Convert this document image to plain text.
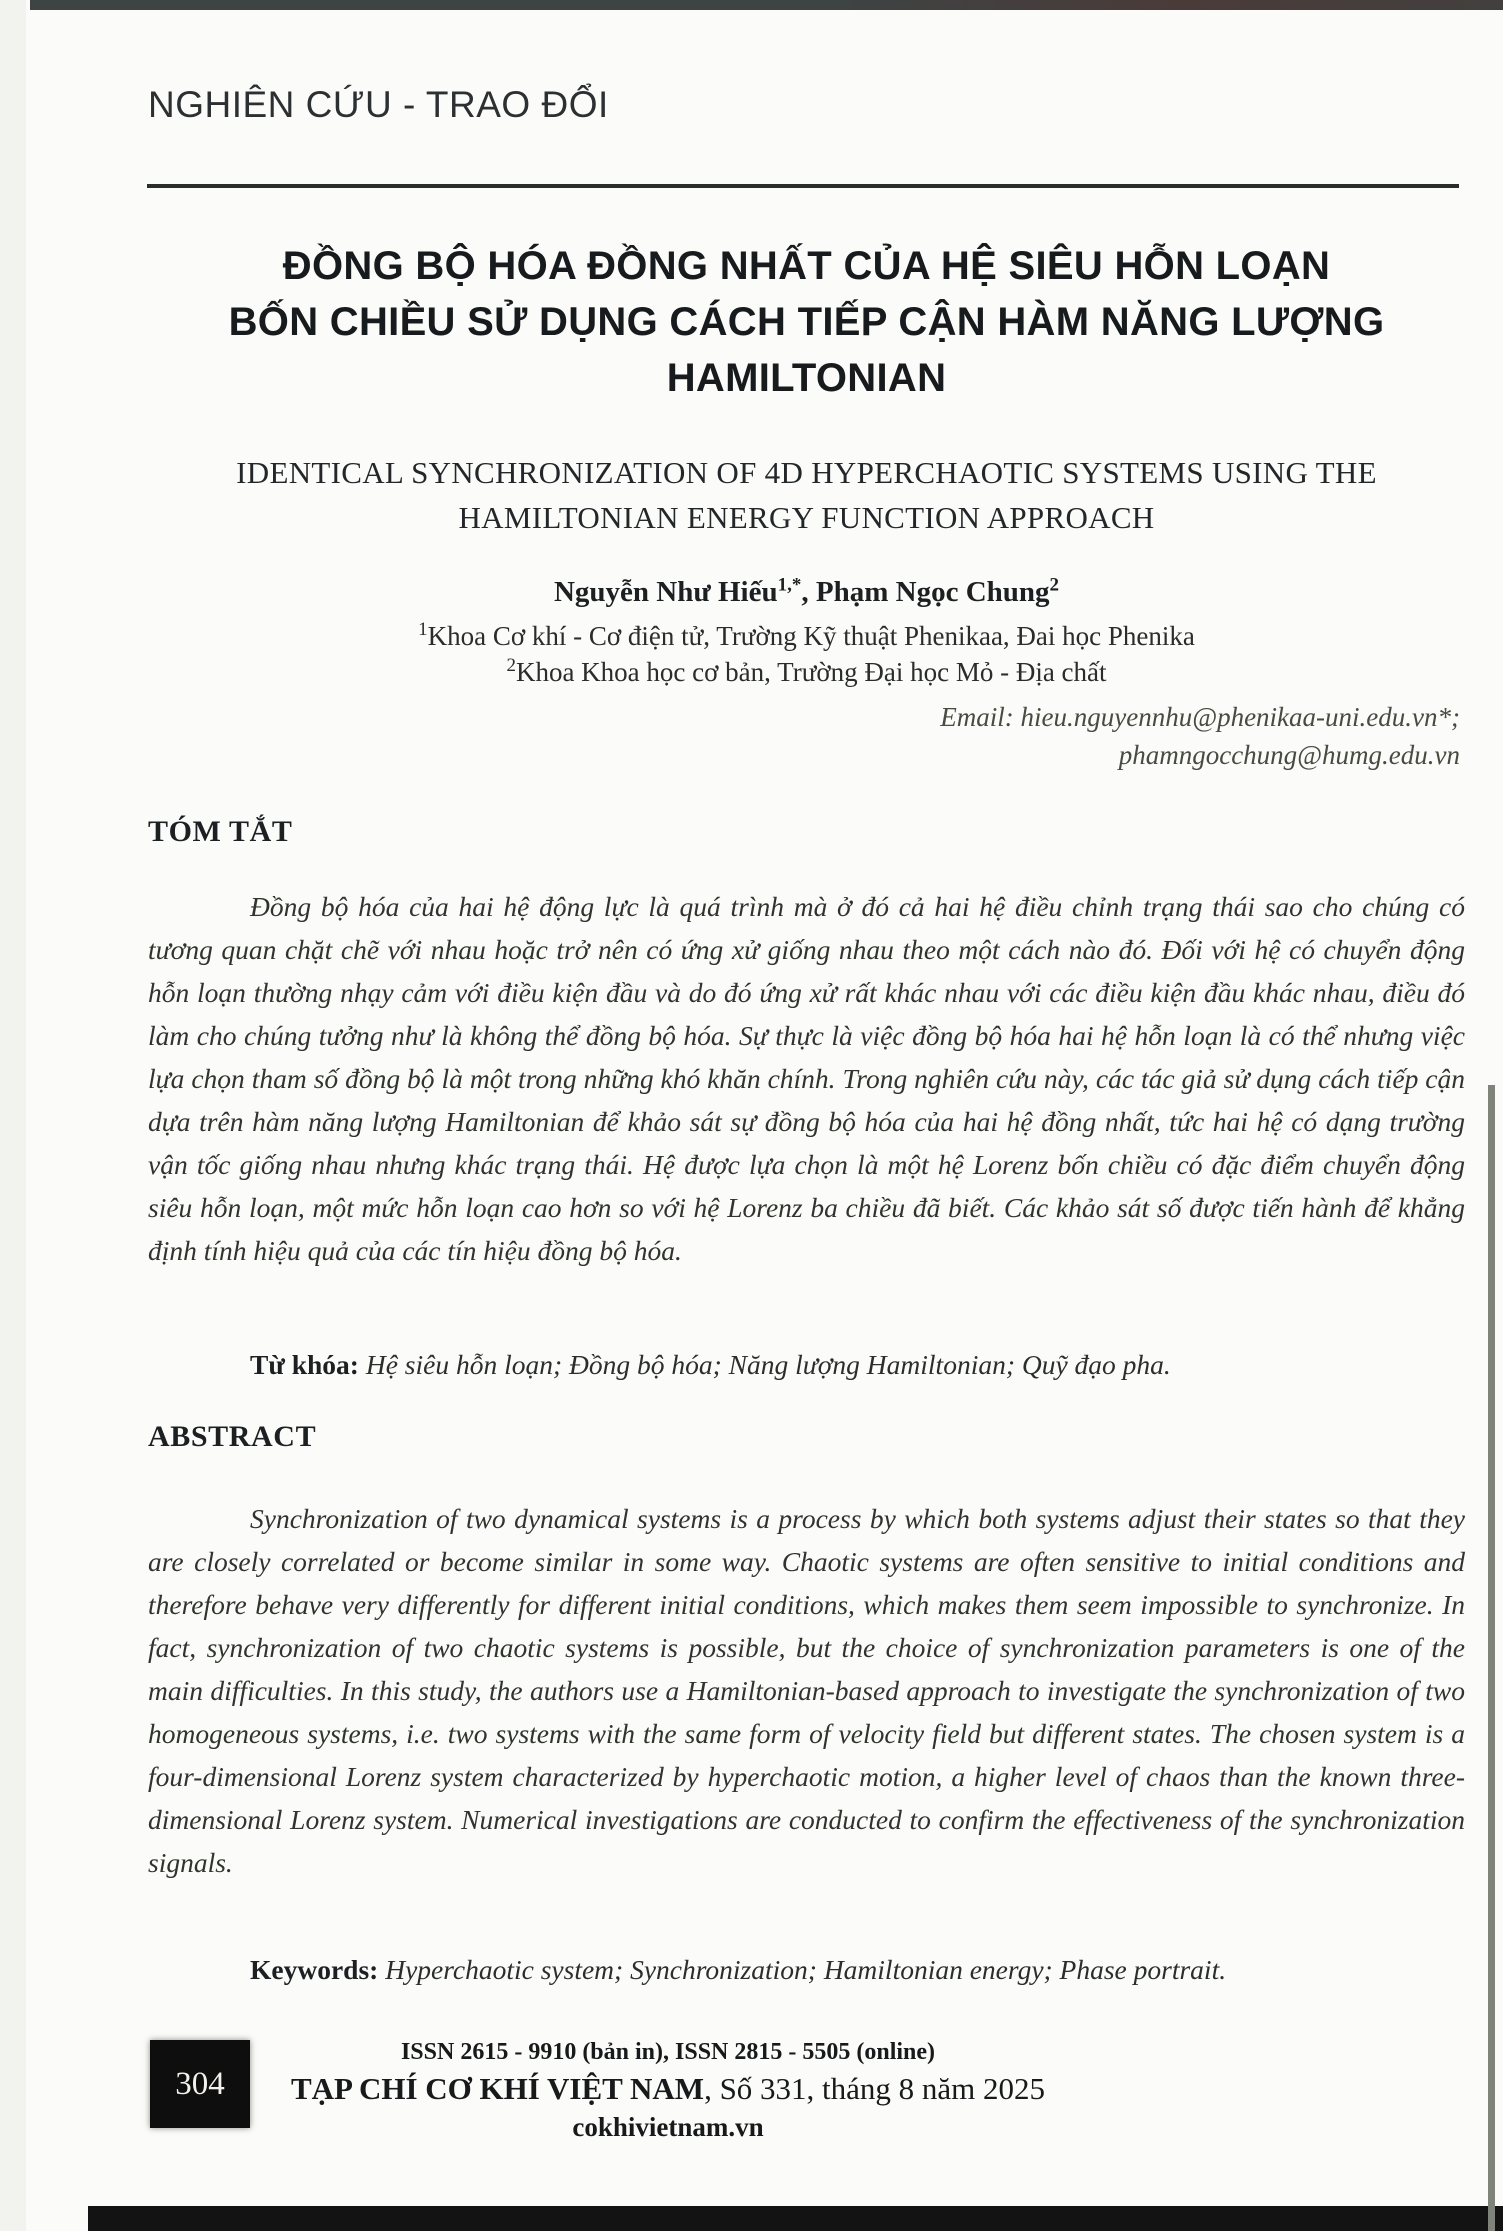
NGHIÊN CỨU - TRAO ĐỔI
ĐỒNG BỘ HÓA ĐỒNG NHẤT CỦA HỆ SIÊU HỖN LOẠN
BỐN CHIỀU SỬ DỤNG CÁCH TIẾP CẬN HÀM NĂNG LƯỢNG
HAMILTONIAN
IDENTICAL SYNCHRONIZATION OF 4D HYPERCHAOTIC SYSTEMS USING THE
HAMILTONIAN ENERGY FUNCTION APPROACH
Nguyễn Như Hiếu$^{1,*}$, Phạm Ngọc Chung$^2$
$^1$Khoa Cơ khí - Cơ điện tử, Trường Kỹ thuật Phenikaa, Đai học Phenika
$^2$Khoa Khoa học cơ bản, Trường Đại học Mỏ - Địa chất
Email: hieu.nguyennhu@phenikaa-uni.edu.vn*;
phamngocchung@humg.edu.vn
TÓM TẮT
Đồng bộ hóa của hai hệ động lực là quá trình mà ở đó cả hai hệ điều chỉnh trạng thái sao cho chúng có tương quan chặt chẽ với nhau hoặc trở nên có ứng xử giống nhau theo một cách nào đó. Đối với hệ có chuyển động hỗn loạn thường nhạy cảm với điều kiện đầu và do đó ứng xử rất khác nhau với các điều kiện đầu khác nhau, điều đó làm cho chúng tưởng như là không thể đồng bộ hóa. Sự thực là việc đồng bộ hóa hai hệ hỗn loạn là có thể nhưng việc lựa chọn tham số đồng bộ là một trong những khó khăn chính. Trong nghiên cứu này, các tác giả sử dụng cách tiếp cận dựa trên hàm năng lượng Hamiltonian để khảo sát sự đồng bộ hóa của hai hệ đồng nhất, tức hai hệ có dạng trường vận tốc giống nhau nhưng khác trạng thái. Hệ được lựa chọn là một hệ Lorenz bốn chiều có đặc điểm chuyển động siêu hỗn loạn, một mức hỗn loạn cao hơn so với hệ Lorenz ba chiều đã biết. Các khảo sát số được tiến hành để khẳng định tính hiệu quả của các tín hiệu đồng bộ hóa.
Từ khóa: Hệ siêu hỗn loạn; Đồng bộ hóa; Năng lượng Hamiltonian; Quỹ đạo pha.
ABSTRACT
Synchronization of two dynamical systems is a process by which both systems adjust their states so that they are closely correlated or become similar in some way. Chaotic systems are often sensitive to initial conditions and therefore behave very differently for different initial conditions, which makes them seem impossible to synchronize. In fact, synchronization of two chaotic systems is possible, but the choice of synchronization parameters is one of the main difficulties. In this study, the authors use a Hamiltonian-based approach to investigate the synchronization of two homogeneous systems, i.e. two systems with the same form of velocity field but different states. The chosen system is a four-dimensional Lorenz system characterized by hyperchaotic motion, a higher level of chaos than the known three-dimensional Lorenz system. Numerical investigations are conducted to confirm the effectiveness of the synchronization signals.
Keywords: Hyperchaotic system; Synchronization; Hamiltonian energy; Phase portrait.
304
ISSN 2615 - 9910 (bản in), ISSN 2815 - 5505 (online)
TẠP CHÍ CƠ KHÍ VIỆT NAM, Số 331, tháng 8 năm 2025
cokhivietnam.vn
